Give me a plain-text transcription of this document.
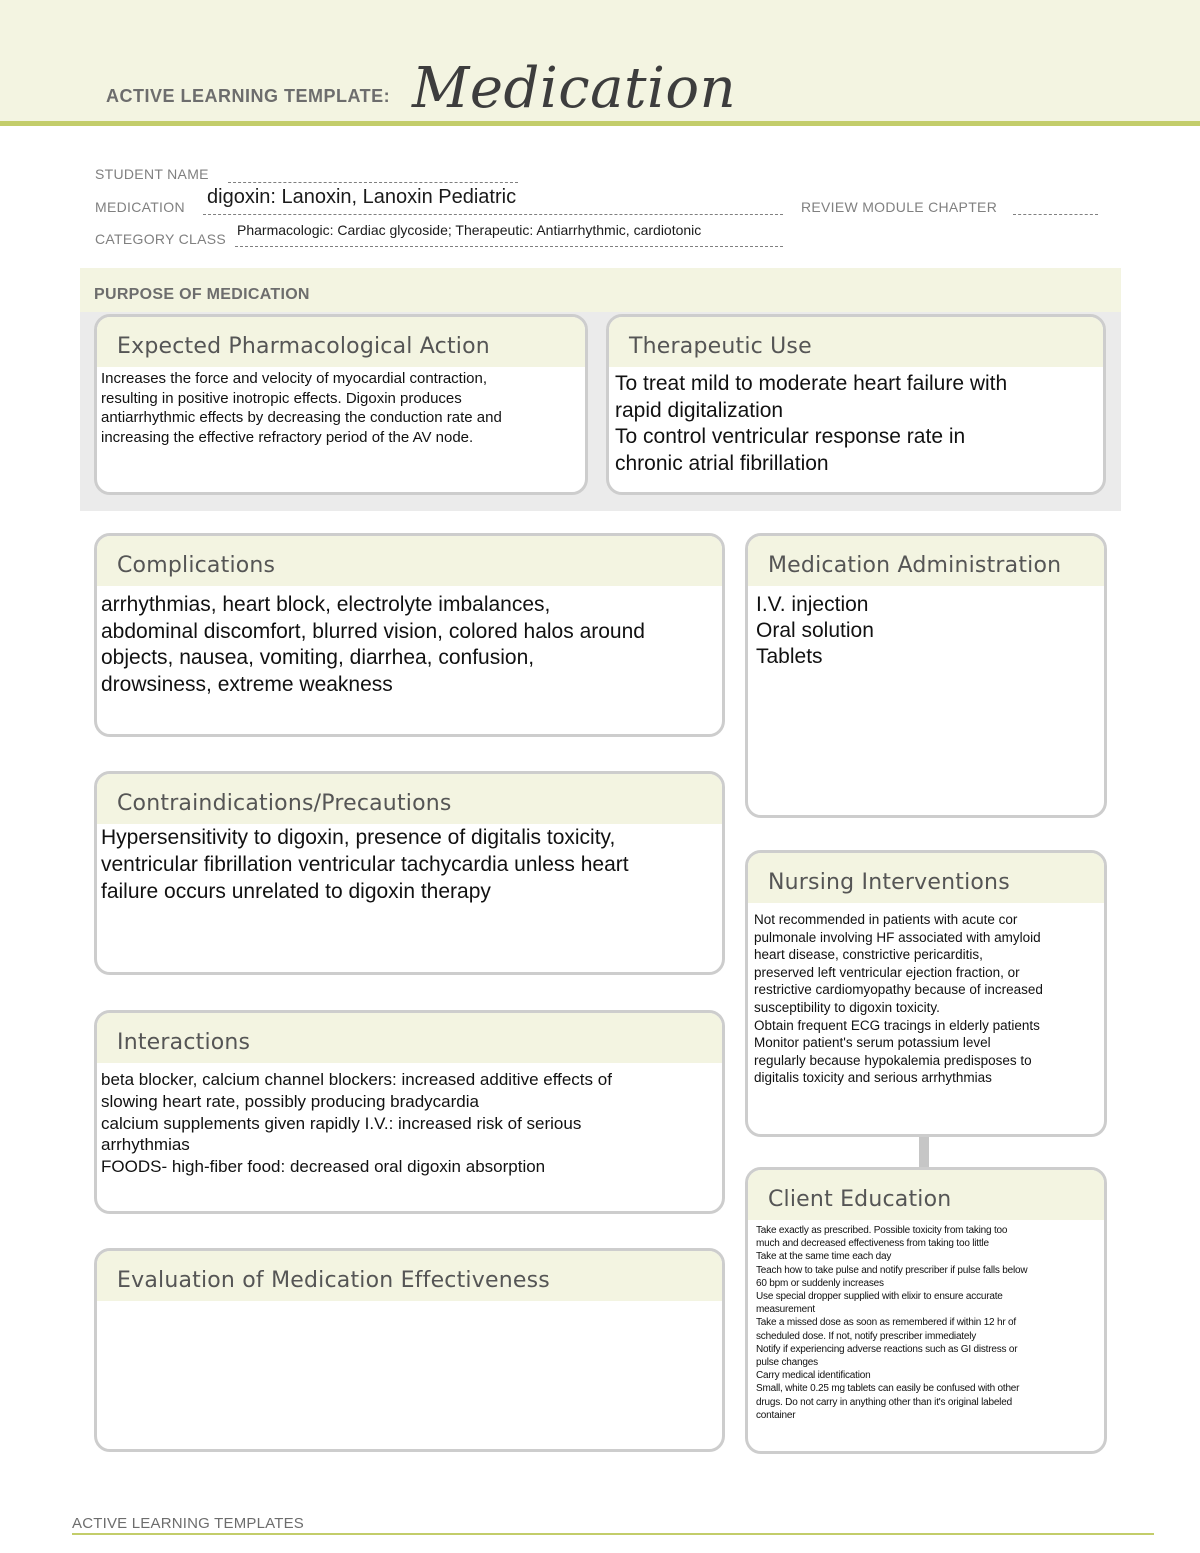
ACTIVE LEARNING TEMPLATE: Medication
STUDENT NAME
MEDICATION digoxin: Lanoxin, Lanoxin Pediatric	REVIEW MODULE CHAPTER
CATEGORY CLASS
Pharmacologic: Cardiac glycoside; Therapeutic: Antiarrhythmic, cardiotonic
PURPOSE OF MEDICATION
Expected Pharmacological Action
Increases the force and velocity of myocardial contraction,
resulting in positive inotropic effects. Digoxin produces
antiarrhythmic effects by decreasing the conduction rate and
increasing the effective refractory period of the AV node.
Therapeutic Use
To treat mild to moderate heart failure with
rapid digitalization
To control ventricular response rate in
chronic atrial fibrillation
Complications
arrhythmias, heart block, electrolyte imbalances,
abdominal discomfort, blurred vision, colored halos around
objects, nausea, vomiting, diarrhea, confusion,
drowsiness, extreme weakness
Medication Administration
I.V. injection
Oral solution
Tablets
Contraindications/Precautions
Hypersensitivity to digoxin, presence of digitalis toxicity,
ventricular fibrillation ventricular tachycardia unless heart
failure occurs unrelated to digoxin therapy	Nursing Interventions
Not recommended in patients with acute cor
pulmonale involving HF associated with amyloid
heart disease, constrictive pericarditis,
preserved left ventricular ejection fraction, or
restrictive cardiomyopathy because of increased
susceptibility to digoxin toxicity.
Obtain frequent ECG tracings in elderly patients
Monitor patient's serum potassium level
regularly because hypokalemia predisposes to
digitalis toxicity and serious arrhythmias
Interactions
beta blocker, calcium channel blockers: increased additive effects of
slowing heart rate, possibly producing bradycardia
calcium supplements given rapidly I.V.: increased risk of serious
arrhythmias
FOODS- high-fiber food: decreased oral digoxin absorption
Client Education
Take exactly as prescribed. Possible toxicity from taking too
much and decreased effectiveness from taking too little
Take at the same time each day
Teach how to take pulse and notify prescriber if pulse falls below
60 bpm or suddenly increases
Use special dropper supplied with elixir to ensure accurate
measurement
Take a missed dose as soon as remembered if within 12 hr of
scheduled dose. If not, notify prescriber immediately
Notify if experiencing adverse reactions such as GI distress or
pulse changes
Carry medical identification
Small, white 0.25 mg tablets can easily be confused with other
drugs. Do not carry in anything other than it's original labeled
container
Evaluation of Medication Effectiveness
ACTIVE LEARNING TEMPLATES
